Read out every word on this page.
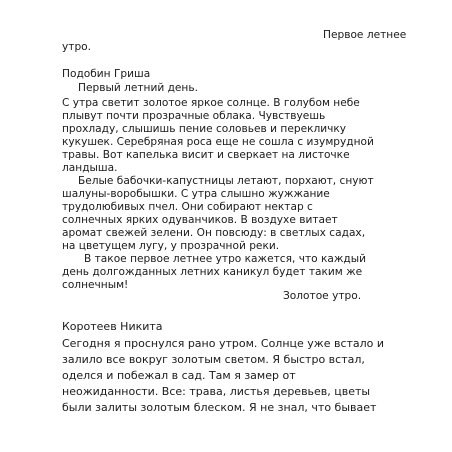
Первое летнее
утро.
Подобин Гриша
Первый летний день.
С утра светит золотое яркое солнце. В голубом небе
плывут почти прозрачные облака. Чувствуешь
прохладу, слышишь пение соловьев и перекличку
кукушек. Серебряная роса еще не сошла с изумрудной
травы. Вот капелька висит и сверкает на листочке
ландыша.
Белые бабочки-капустницы летают, порхают, снуют
шалуны-воробышки. С утра слышно жужжание
трудолюбивых пчел. Они собирают нектар с
солнечных ярких одуванчиков. В воздухе витает
аромат свежей зелени. Он повсюду: в светлых садах,
на цветущем лугу, у прозрачной реки.
В такое первое летнее утро кажется, что каждый
день долгожданных летних каникул будет таким же
солнечным!
Золотое утро.
Коротеев Никита
Сегодня я проснулся рано утром. Солнце уже встало и
залило все вокруг золотым светом. Я быстро встал,
оделся и побежал в сад. Там я замер от
неожиданности. Все: трава, листья деревьев, цветы
были залиты золотым блеском. Я не знал, что бывает
